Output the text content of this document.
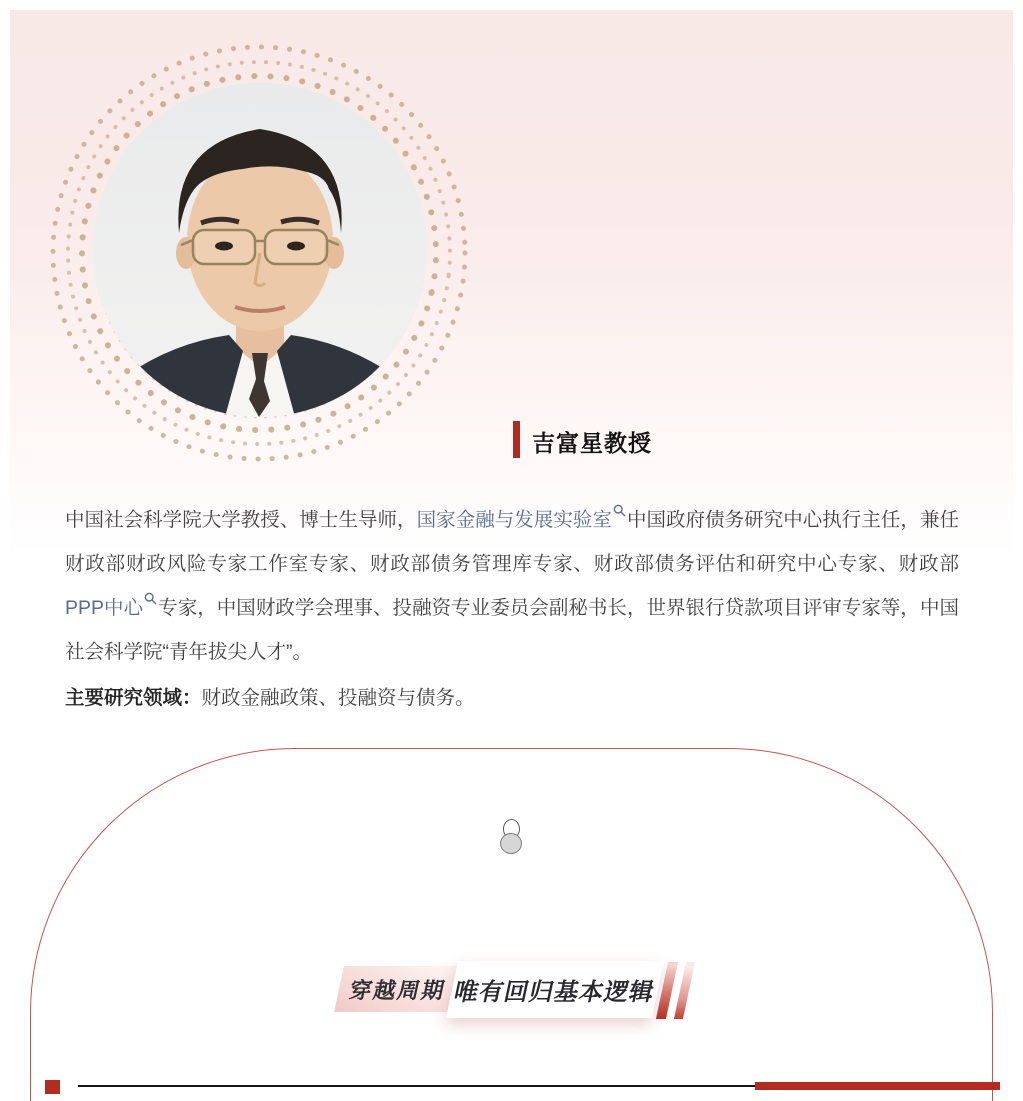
吉富星教授

中国社会科学院大学教授、博士生导师，国家金融与发展实验室 中国政府债务研究中心执行主任，兼任财政部财政风险专家工作室专家、财政部债务管理库专家、财政部债务评估和研究中心专家、财政部PPP中心 专家，中国财政学会理事、投融资专业委员会副秘书长，世界银行贷款项目评审专家等，中国社会科学院“青年拔尖人才”。

主要研究领域：财政金融政策、投融资与债务。

穿越周期 唯有回归基本逻辑
